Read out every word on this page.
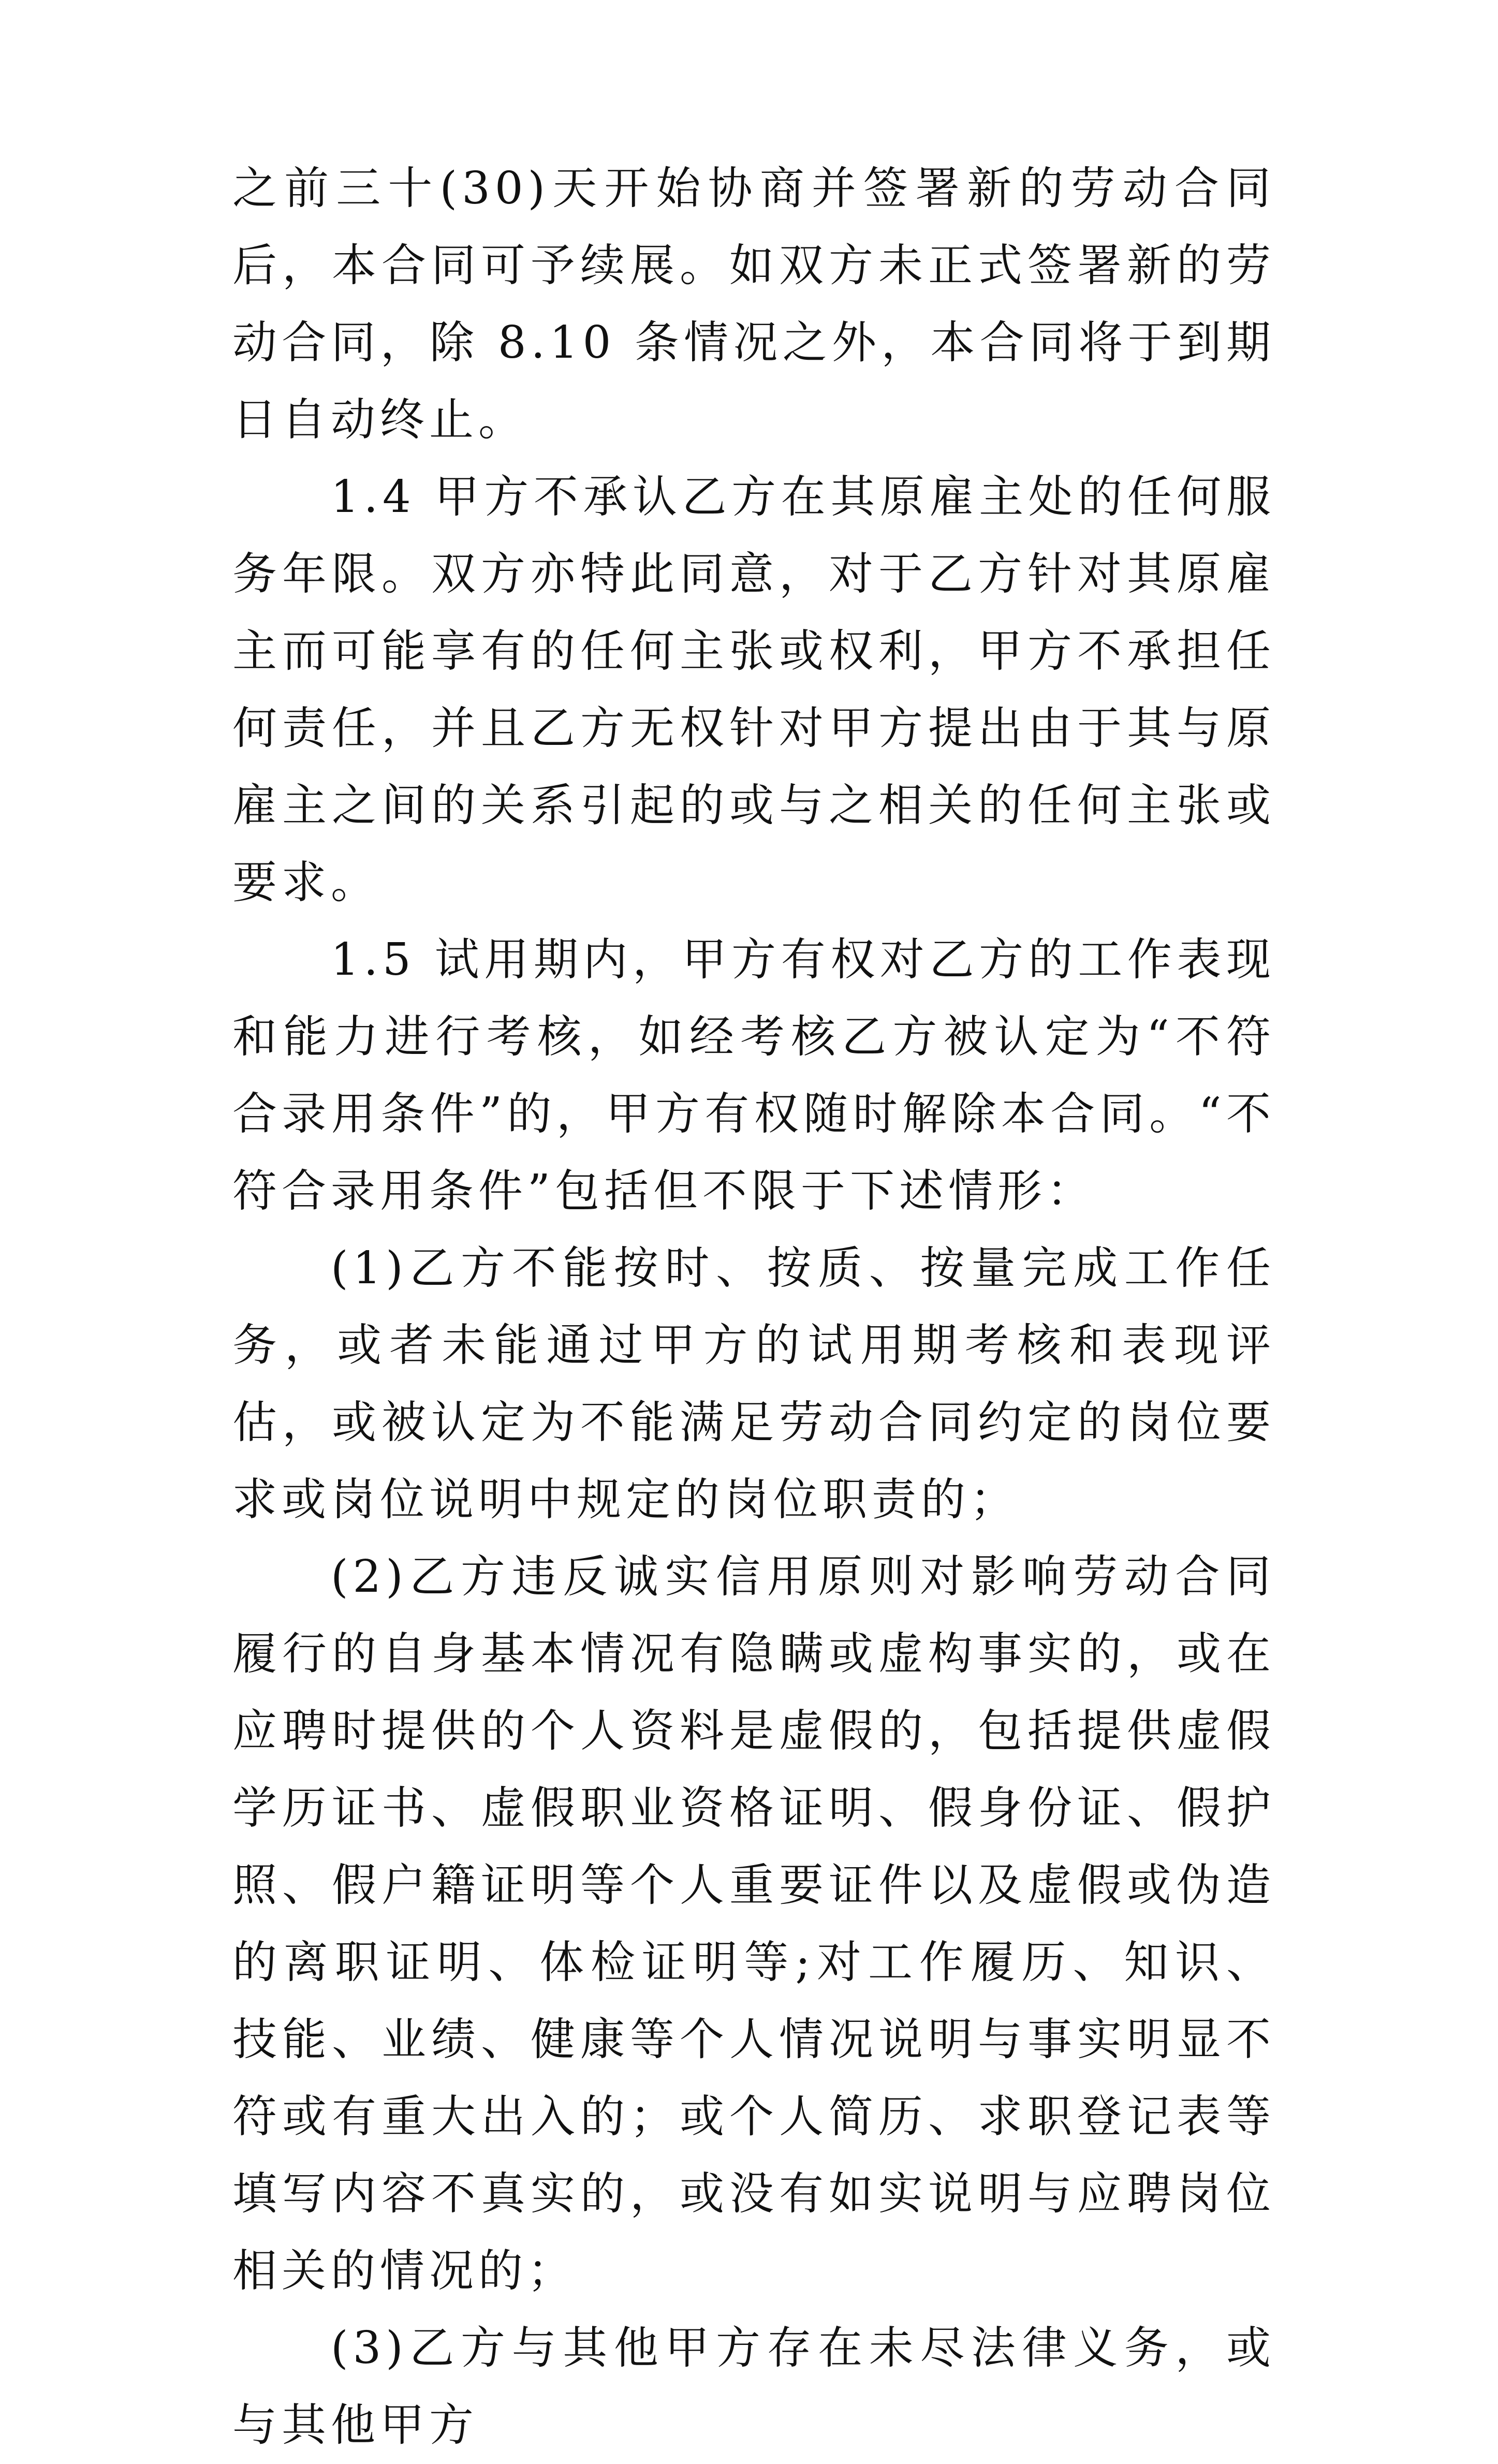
之前三十(30)天开始协商并签署新的劳动合同后，本合同可予续展。如双方未正式签署新的劳动合同，除 8.10 条情况之外，本合同将于到期日自动终止。

1.4 甲方不承认乙方在其原雇主处的任何服务年限。双方亦特此同意，对于乙方针对其原雇主而可能享有的任何主张或权利，甲方不承担任何责任，并且乙方无权针对甲方提出由于其与原雇主之间的关系引起的或与之相关的任何主张或要求。

1.5 试用期内，甲方有权对乙方的工作表现和能力进行考核，如经考核乙方被认定为“不符合录用条件”的，甲方有权随时解除本合同。“不符合录用条件”包括但不限于下述情形：

(1)乙方不能按时、按质、按量完成工作任务，或者未能通过甲方的试用期考核和表现评估，或被认定为不能满足劳动合同约定的岗位要求或岗位说明中规定的岗位职责的；

(2)乙方违反诚实信用原则对影响劳动合同履行的自身基本情况有隐瞒或虚构事实的，或在应聘时提供的个人资料是虚假的，包括提供虚假学历证书、虚假职业资格证明、假身份证、假护照、假户籍证明等个人重要证件以及虚假或伪造的离职证明、体检证明等;对工作履历、知识、技能、业绩、健康等个人情况说明与事实明显不符或有重大出入的；或个人简历、求职登记表等填写内容不真实的，或没有如实说明与应聘岗位相关的情况的；

(3)乙方与其他甲方存在未尽法律义务，或与其他甲方
